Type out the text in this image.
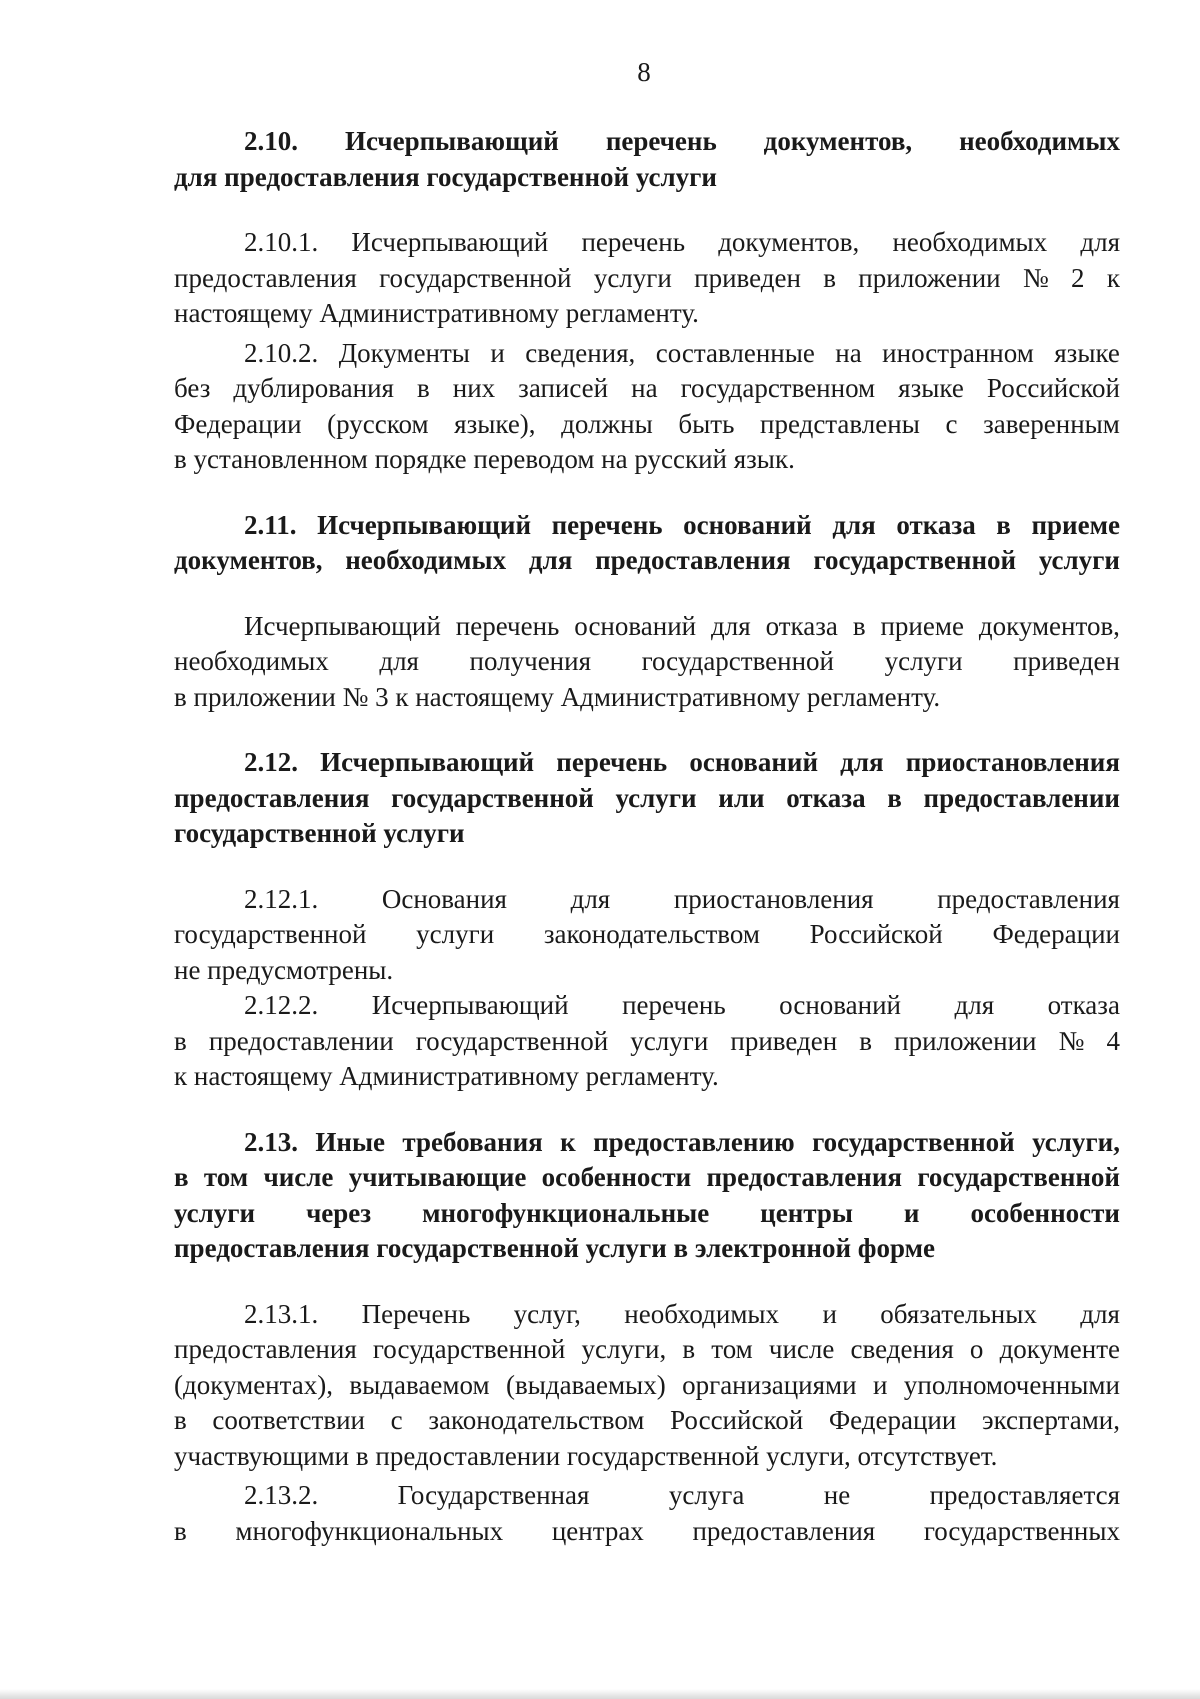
8
2.10. Исчерпывающий перечень документов, необходимых
для предоставления государственной услуги
2.10.1. Исчерпывающий перечень документов, необходимых для
предоставления государственной услуги приведен в приложении № 2 к
настоящему Административному регламенту.
2.10.2. Документы и сведения, составленные на иностранном языке
без дублирования в них записей на государственном языке Российской
Федерации (русском языке), должны быть представлены с заверенным
в установленном порядке переводом на русский язык.
2.11. Исчерпывающий перечень оснований для отказа в приеме
документов, необходимых для предоставления государственной услуги
Исчерпывающий перечень оснований для отказа в приеме документов,
необходимых для получения государственной услуги приведен
в приложении № 3 к настоящему Административному регламенту.
2.12. Исчерпывающий перечень оснований для приостановления
предоставления государственной услуги или отказа в предоставлении
государственной услуги
2.12.1. Основания для приостановления предоставления
государственной услуги законодательством Российской Федерации
не предусмотрены.
2.12.2. Исчерпывающий перечень оснований для отказа
в предоставлении государственной услуги приведен в приложении № 4
к настоящему Административному регламенту.
2.13. Иные требования к предоставлению государственной услуги,
в том числе учитывающие особенности предоставления государственной
услуги через многофункциональные центры и особенности
предоставления государственной услуги в электронной форме
2.13.1. Перечень услуг, необходимых и обязательных для
предоставления государственной услуги, в том числе сведения о документе
(документах), выдаваемом (выдаваемых) организациями и уполномоченными
в соответствии с законодательством Российской Федерации экспертами,
участвующими в предоставлении государственной услуги, отсутствует.
2.13.2.	Государственная	услуга	не	предоставляется
в многофункциональных центрах предоставления государственных
